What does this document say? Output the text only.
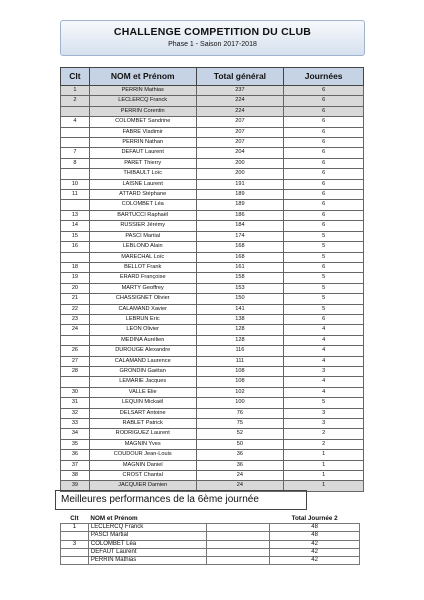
CHALLENGE COMPETITION DU CLUB
Phase 1 - Saison 2017-2018
Clt	NOM et Prénom	Total général	Journées
1	PERRIN Mathias	237	6
2	LECLERCQ Franck	224	6
	PERRIN Corentin	224	6
4	COLOMBET Sandrine	207	6
	FABRE Vladimir	207	6
	PERRIN Nathan	207	6
7	DEFAUT Laurent	204	6
8	PARET Thierry	200	6
	THIBAULT Loïc	200	6
10	LAISNE Laurent	191	6
11	ATTARD Stéphane	189	6
	COLOMBET Léa	189	6
13	BARTUCCI Raphaël	186	6
14	RUSSIER Jérémy	184	6
15	PASCI Martial	174	5
16	LEBLOND Alain	168	5
	MARECHAL Loïc	168	5
18	BELLOT Frank	161	6
19	ERARD Françoise	158	5
20	MARTY Geoffrey	153	5
21	CHASSIGNET Olivier	150	5
22	CALAMAND Xavier	141	5
23	LEBRUN Eric	138	6
24	LEON Olivier	128	4
	MEDINA Aurélien	128	4
26	DUROUGE Alexandre	116	4
27	CALAMAND Laurence	111	4
28	GRONDIN Gaëtan	108	3
	LEMARIE Jacques	108	4
30	VALLE Elie	102	4
31	LEQUIN Mickaël	100	5
32	DELSART Antoine	76	3
33	RABLET Patrick	75	3
34	RODRIGUEZ Laurent	52	2
35	MAGNIN Yves	50	2
36	COUDOUR Jean-Louis	36	1
37	MAGNIN Daniel	36	1
38	CROST Chantal	24	1
39	JACQUIER Damien	24	1
Meilleures performances de la 6ème journée
Clt	NOM et Prénom		Total Journée 2
1	LECLERCQ Franck		48
	PASCI Martial		48
3	COLOMBET Léa		42
	DEFAUT Laurent		42
	PERRIN Mathias		42
